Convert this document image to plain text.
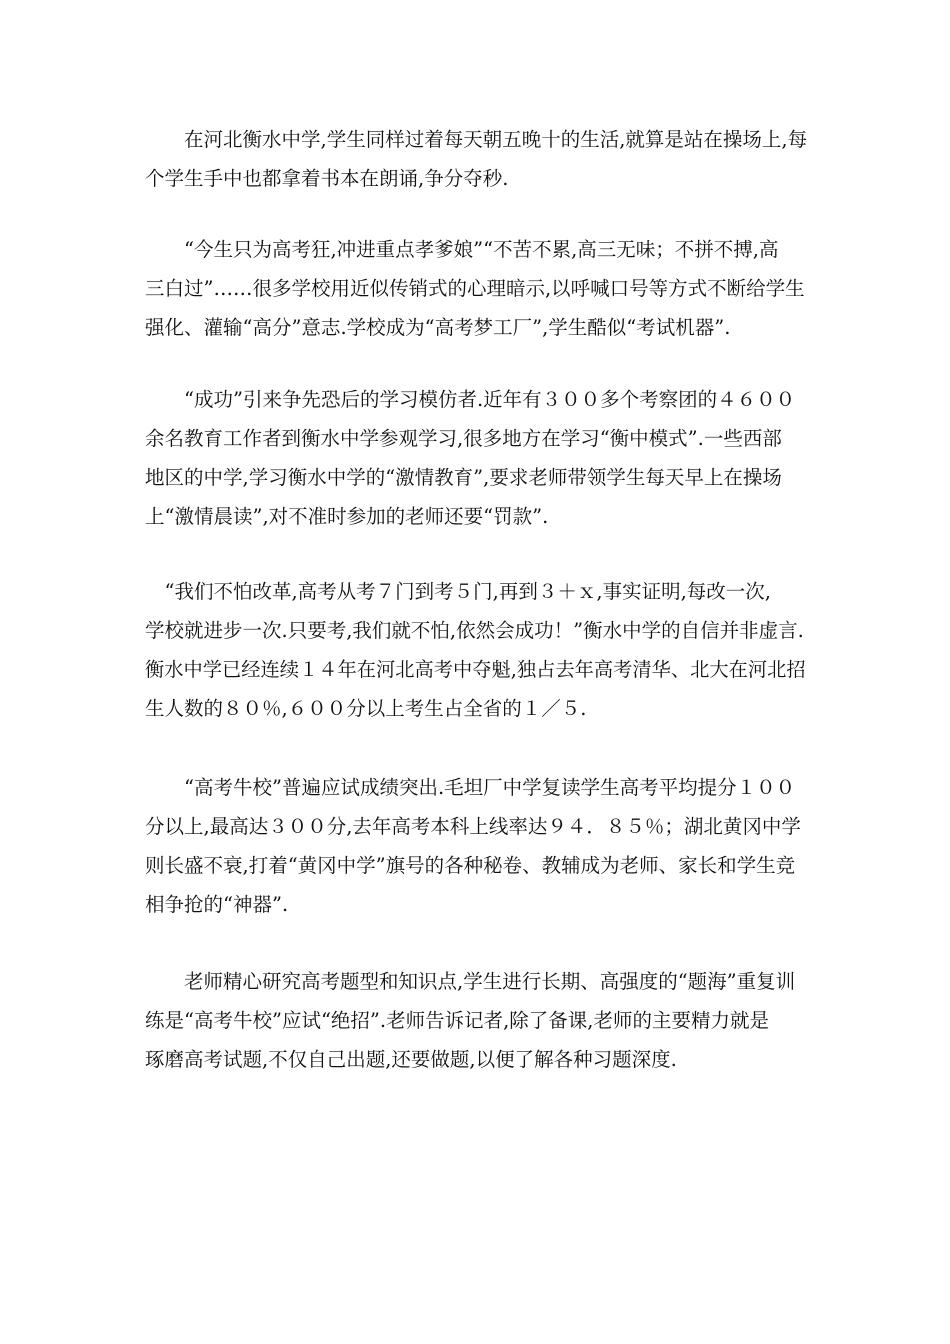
　　在河北衡水中学,学生同样过着每天朝五晚十的生活,就算是站在操场上,每
个学生手中也都拿着书本在朗诵,争分夺秒.
　　“今生只为高考狂,冲进重点孝爹娘”“不苦不累,高三无味；不拼不搏,高
三白过”……很多学校用近似传销式的心理暗示,以呼喊口号等方式不断给学生
强化、灌输“高分”意志.学校成为“高考梦工厂”,学生酷似“考试机器”.
　　“成功”引来争先恐后的学习模仿者.近年有３００多个考察团的４６００
余名教育工作者到衡水中学参观学习,很多地方在学习“衡中模式”.一些西部
地区的中学,学习衡水中学的“激情教育”,要求老师带领学生每天早上在操场
上“激情晨读”,对不准时参加的老师还要“罚款”.
　“我们不怕改革,高考从考７门到考５门,再到３＋ｘ,事实证明,每改一次,
学校就进步一次.只要考,我们就不怕,依然会成功！”衡水中学的自信并非虚言.
衡水中学已经连续１４年在河北高考中夺魁,独占去年高考清华、北大在河北招
生人数的８０％,６００分以上考生占全省的１／５.
　　“高考牛校”普遍应试成绩突出.毛坦厂中学复读学生高考平均提分１００
分以上,最高达３００分,去年高考本科上线率达９４．８５％；湖北黄冈中学
则长盛不衰,打着“黄冈中学”旗号的各种秘卷、教辅成为老师、家长和学生竞
相争抢的“神器”.
　　老师精心研究高考题型和知识点,学生进行长期、高强度的“题海”重复训
练是“高考牛校”应试“绝招”.老师告诉记者,除了备课,老师的主要精力就是
琢磨高考试题,不仅自己出题,还要做题,以便了解各种习题深度.
